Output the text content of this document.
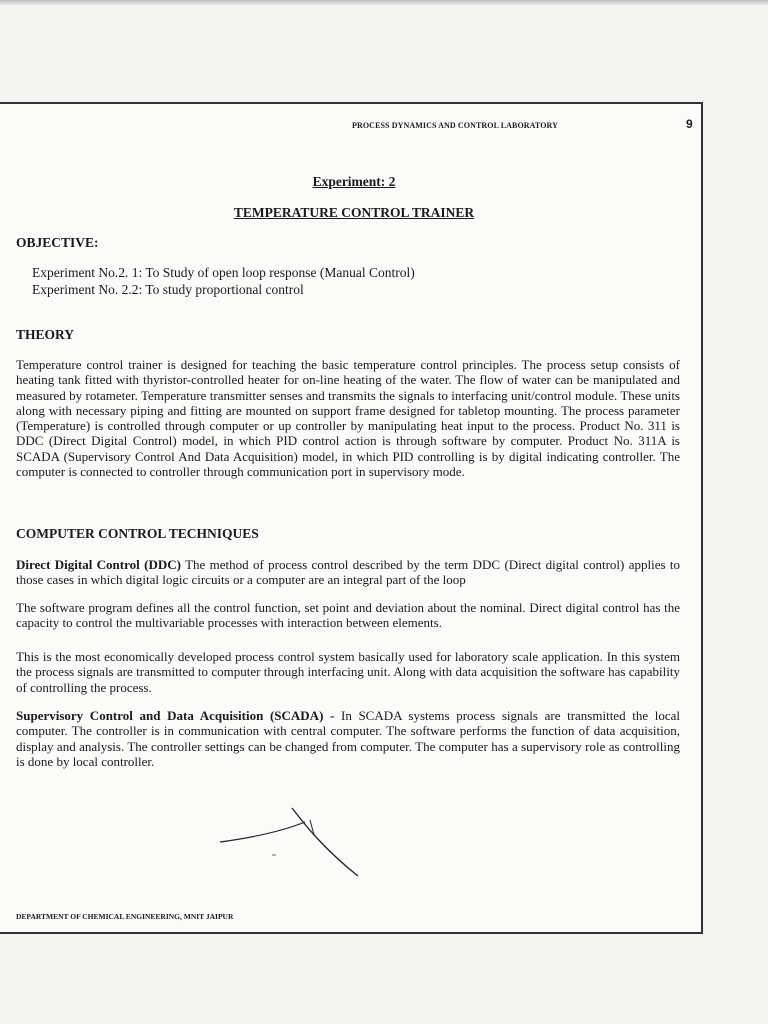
PROCESS DYNAMICS AND CONTROL LABORATORY	9
Experiment: 2
TEMPERATURE CONTROL TRAINER
OBJECTIVE:
Experiment No.2. 1: To Study of open loop response (Manual Control)
Experiment No. 2.2: To study proportional control
THEORY
Temperature control trainer is designed for teaching the basic temperature control principles. The process setup consists of heating tank fitted with thyristor-controlled heater for on-line heating of the water. The flow of water can be manipulated and measured by rotameter. Temperature transmitter senses and transmits the signals to interfacing unit/control module. These units along with necessary piping and fitting are mounted on support frame designed for tabletop mounting. The process parameter (Temperature) is controlled through computer or up controller by manipulating heat input to the process. Product No. 311 is DDC (Direct Digital Control) model, in which PID control action is through software by computer. Product No. 311A is SCADA (Supervisory Control And Data Acquisition) model, in which PID controlling is by digital indicating controller. The computer is connected to controller through communication port in supervisory mode.
COMPUTER CONTROL TECHNIQUES
Direct Digital Control (DDC) The method of process control described by the term DDC (Direct digital control) applies to those cases in which digital logic circuits or a computer are an integral part of the loop
The software program defines all the control function, set point and deviation about the nominal. Direct digital control has the capacity to control the multivariable processes with interaction between elements.
This is the most economically developed process control system basically used for laboratory scale application. In this system the process signals are transmitted to computer through interfacing unit. Along with data acquisition the software has capability of controlling the process.
Supervisory Control and Data Acquisition (SCADA) - In SCADA systems process signals are transmitted the local computer. The controller is in communication with central computer. The software performs the function of data acquisition, display and analysis. The controller settings can be changed from computer. The computer has a supervisory role as controlling is done by local controller.
DEPARTMENT OF CHEMICAL ENGINEERING, MNIT JAIPUR
